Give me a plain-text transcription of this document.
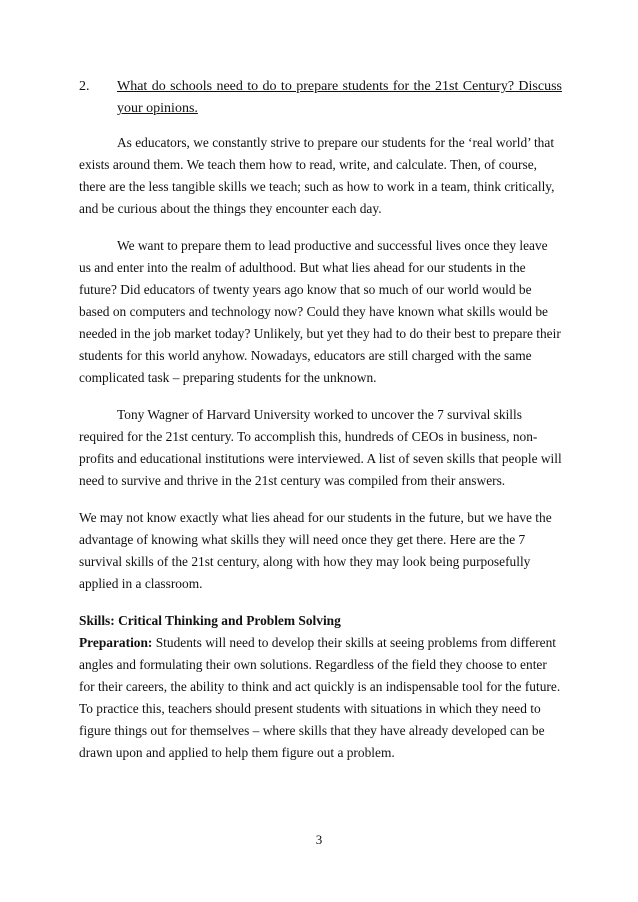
2. What do schools need to do to prepare students for the 21st Century? Discuss your opinions.

As educators, we constantly strive to prepare our students for the ‘real world’ that exists around them. We teach them how to read, write, and calculate. Then, of course, there are the less tangible skills we teach; such as how to work in a team, think critically, and be curious about the things they encounter each day.

We want to prepare them to lead productive and successful lives once they leave us and enter into the realm of adulthood. But what lies ahead for our students in the future? Did educators of twenty years ago know that so much of our world would be based on computers and technology now? Could they have known what skills would be needed in the job market today? Unlikely, but yet they had to do their best to prepare their students for this world anyhow. Nowadays, educators are still charged with the same complicated task – preparing students for the unknown.

Tony Wagner of Harvard University worked to uncover the 7 survival skills required for the 21st century. To accomplish this, hundreds of CEOs in business, non-profits and educational institutions were interviewed. A list of seven skills that people will need to survive and thrive in the 21st century was compiled from their answers.

We may not know exactly what lies ahead for our students in the future, but we have the advantage of knowing what skills they will need once they get there. Here are the 7 survival skills of the 21st century, along with how they may look being purposefully applied in a classroom.

Skills: Critical Thinking and Problem Solving

Preparation: Students will need to develop their skills at seeing problems from different angles and formulating their own solutions. Regardless of the field they choose to enter for their careers, the ability to think and act quickly is an indispensable tool for the future. To practice this, teachers should present students with situations in which they need to figure things out for themselves – where skills that they have already developed can be drawn upon and applied to help them figure out a problem.

3
